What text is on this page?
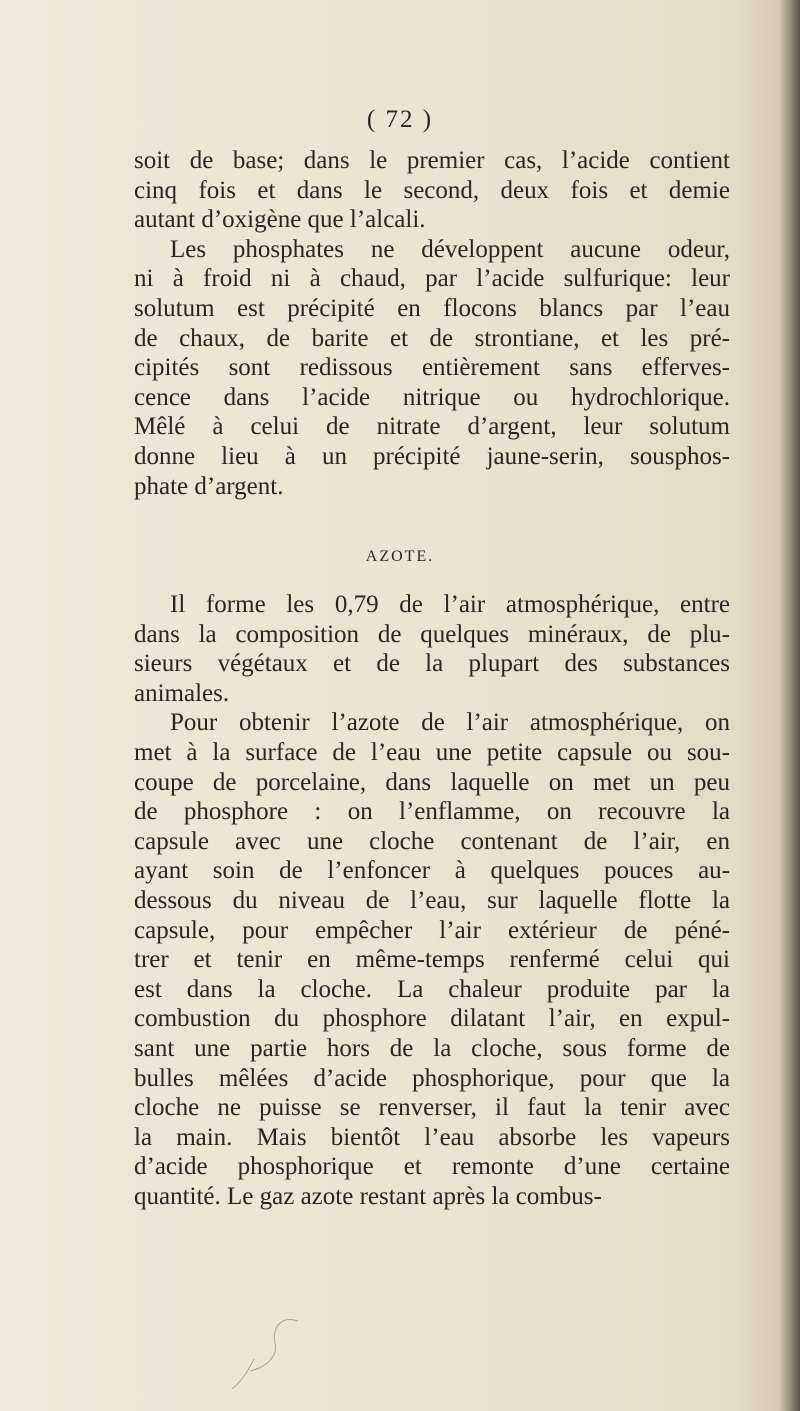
( 72 )
soit de base; dans le premier cas, l’acide contient
cinq fois et dans le second, deux fois et demie
autant d’oxigène que l’alcali.
Les phosphates ne développent aucune odeur,
ni à froid ni à chaud, par l’acide sulfurique: leur
solutum est précipité en flocons blancs par l’eau
de chaux, de barite et de strontiane, et les pré-
cipités sont redissous entièrement sans efferves-
cence dans l’acide nitrique ou hydrochlorique.
Mêlé à celui de nitrate d’argent, leur solutum
donne lieu à un précipité jaune-serin, sousphos-
phate d’argent.
AZOTE.
Il forme les 0,79 de l’air atmosphérique, entre
dans la composition de quelques minéraux, de plu-
sieurs végétaux et de la plupart des substances
animales.
Pour obtenir l’azote de l’air atmosphérique, on
met à la surface de l’eau une petite capsule ou sou-
coupe de porcelaine, dans laquelle on met un peu
de phosphore : on l’enflamme, on recouvre la
capsule avec une cloche contenant de l’air, en
ayant soin de l’enfoncer à quelques pouces au-
dessous du niveau de l’eau, sur laquelle flotte la
capsule, pour empêcher l’air extérieur de péné-
trer et tenir en même-temps renfermé celui qui
est dans la cloche. La chaleur produite par la
combustion du phosphore dilatant l’air, en expul-
sant une partie hors de la cloche, sous forme de
bulles mêlées d’acide phosphorique, pour que la
cloche ne puisse se renverser, il faut la tenir avec
la main. Mais bientôt l’eau absorbe les vapeurs
d’acide phosphorique et remonte d’une certaine
quantité. Le gaz azote restant après la combus-
